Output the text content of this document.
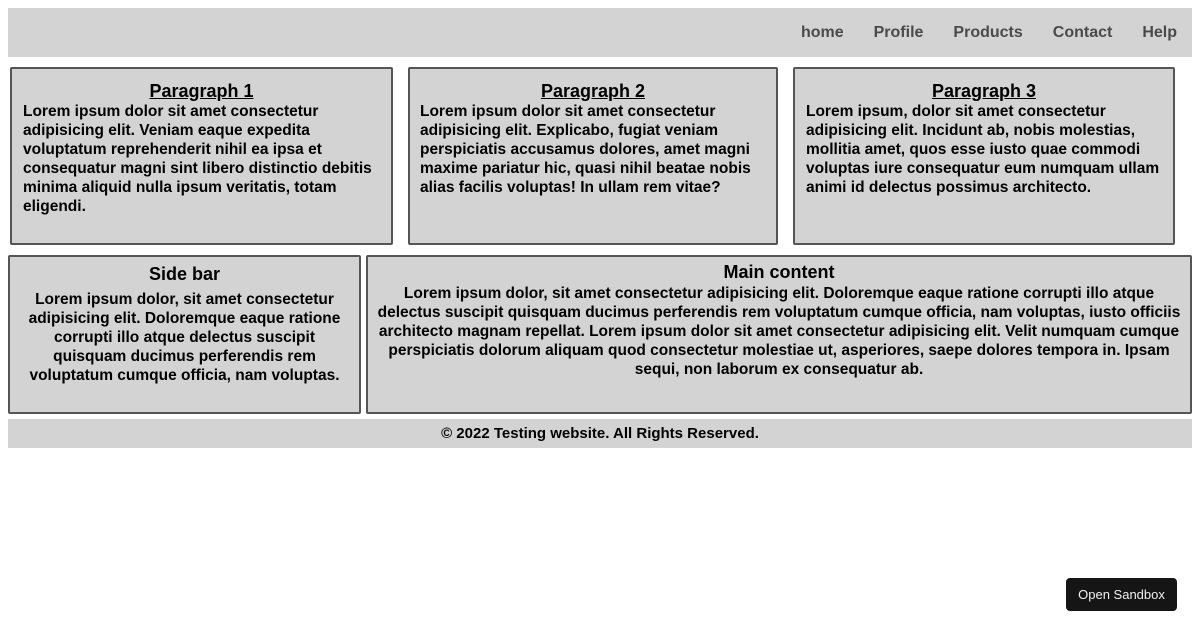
home Profile Products Contact Help
Paragraph 1

Lorem ipsum dolor sit amet consectetur adipisicing elit. Veniam eaque expedita voluptatum reprehenderit nihil ea ipsa et consequatur magni sint libero distinctio debitis minima aliquid nulla ipsum veritatis, totam eligendi.

Paragraph 2

Lorem ipsum dolor sit amet consectetur adipisicing elit. Explicabo, fugiat veniam perspiciatis accusamus dolores, amet magni maxime pariatur hic, quasi nihil beatae nobis alias facilis voluptas! In ullam rem vitae?

Paragraph 3

Lorem ipsum, dolor sit amet consectetur adipisicing elit. Incidunt ab, nobis molestias, mollitia amet, quos esse iusto quae commodi voluptas iure consequatur eum numquam ullam animi id delectus possimus architecto.

Side bar

Lorem ipsum dolor, sit amet consectetur adipisicing elit. Doloremque eaque ratione corrupti illo atque delectus suscipit quisquam ducimus perferendis rem voluptatum cumque officia, nam voluptas.

Main content

Lorem ipsum dolor, sit amet consectetur adipisicing elit. Doloremque eaque ratione corrupti illo atque delectus suscipit quisquam ducimus perferendis rem voluptatum cumque officia, nam voluptas, iusto officiis architecto magnam repellat. Lorem ipsum dolor sit amet consectetur adipisicing elit. Velit numquam cumque perspiciatis dolorum aliquam quod consectetur molestiae ut, asperiores, saepe dolores tempora in. Ipsam sequi, non laborum ex consequatur ab.

© 2022 Testing website. All Rights Reserved.
Open Sandbox
